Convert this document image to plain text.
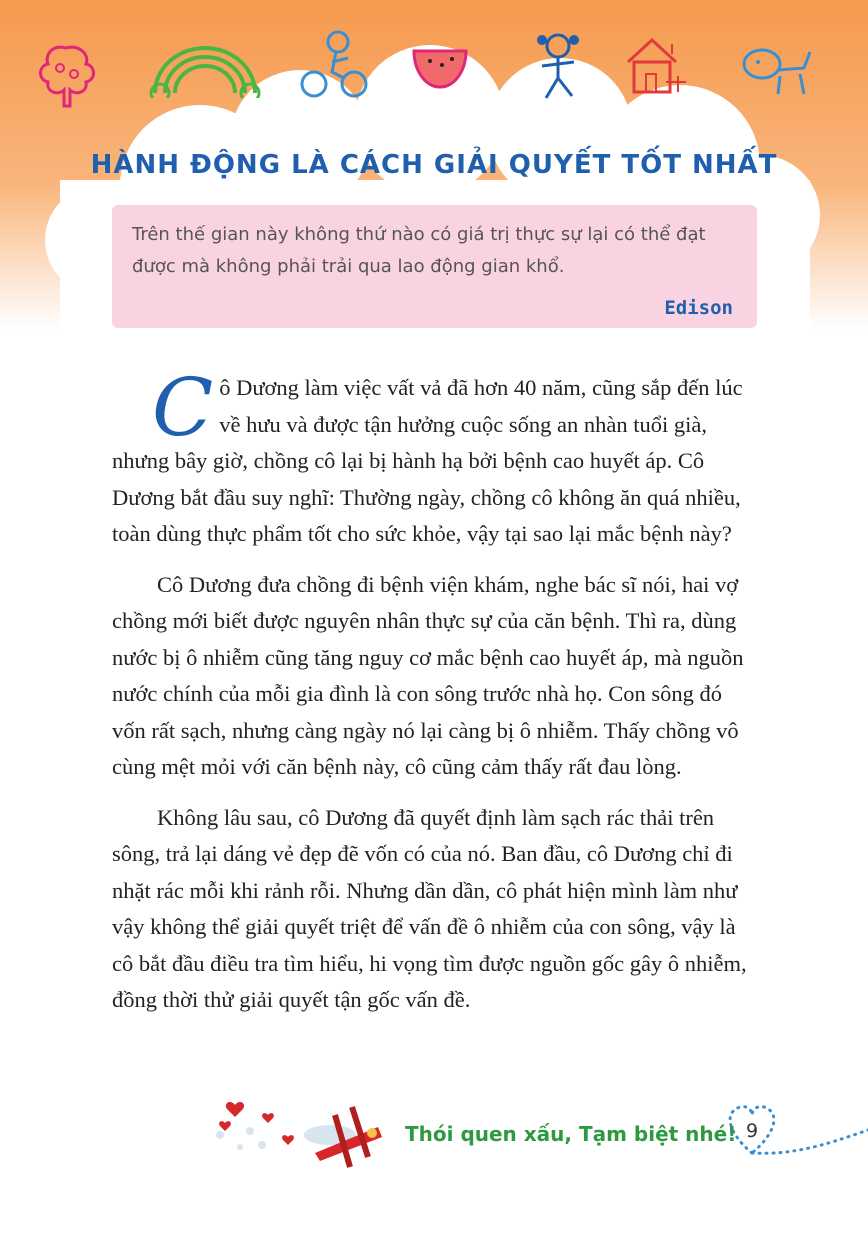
HÀNH ĐỘNG LÀ CÁCH GIẢI QUYẾT TỐT NHẤT

Trên thế gian này không thứ nào có giá trị thực sự lại có thể đạt được mà không phải trải qua lao động gian khổ.

Edison

Cô Dương làm việc vất vả đã hơn 40 năm, cũng sắp đến lúc về hưu và được tận hưởng cuộc sống an nhàn tuổi già, nhưng bây giờ, chồng cô lại bị hành hạ bởi bệnh cao huyết áp. Cô Dương bắt đầu suy nghĩ: Thường ngày, chồng cô không ăn quá nhiều, toàn dùng thực phẩm tốt cho sức khỏe, vậy tại sao lại mắc bệnh này?

Cô Dương đưa chồng đi bệnh viện khám, nghe bác sĩ nói, hai vợ chồng mới biết được nguyên nhân thực sự của căn bệnh. Thì ra, dùng nước bị ô nhiễm cũng tăng nguy cơ mắc bệnh cao huyết áp, mà nguồn nước chính của mỗi gia đình là con sông trước nhà họ. Con sông đó vốn rất sạch, nhưng càng ngày nó lại càng bị ô nhiễm. Thấy chồng vô cùng mệt mỏi với căn bệnh này, cô cũng cảm thấy rất đau lòng.

Không lâu sau, cô Dương đã quyết định làm sạch rác thải trên sông, trả lại dáng vẻ đẹp đẽ vốn có của nó. Ban đầu, cô Dương chỉ đi nhặt rác mỗi khi rảnh rỗi. Nhưng dần dần, cô phát hiện mình làm như vậy không thể giải quyết triệt để vấn đề ô nhiễm của con sông, vậy là cô bắt đầu điều tra tìm hiểu, hi vọng tìm được nguồn gốc gây ô nhiễm, đồng thời thử giải quyết tận gốc vấn đề.

Thói quen xấu, Tạm biệt nhé! 9
